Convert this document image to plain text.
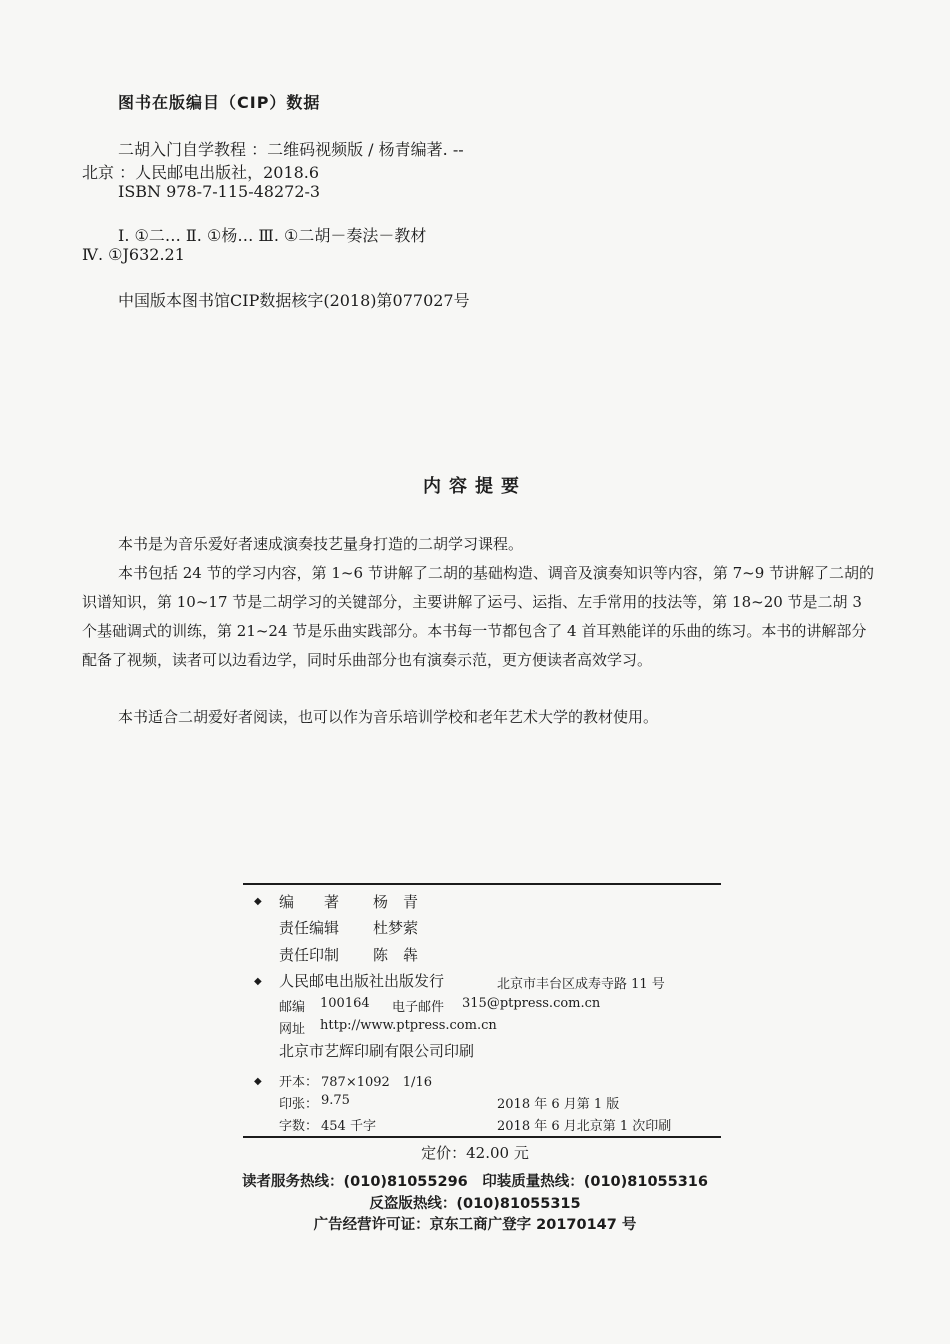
图书在版编目（CIP）数据
二胡入门自学教程 ：二维码视频版 / 杨青编著. --
北京 ：人民邮电出版社，2018.6
ISBN 978-7-115-48272-3
Ⅰ. ①二… Ⅱ. ①杨… Ⅲ. ①二胡－奏法－教材
Ⅳ. ①J632.21
中国版本图书馆CIP数据核字(2018)第077027号
内容提要

本书是为音乐爱好者速成演奏技艺量身打造的二胡学习课程。

本书包括 24 节的学习内容，第 1~6 节讲解了二胡的基础构造、调音及演奏知识等内容，第 7~9 节讲解了二胡的识谱知识，第 10~17 节是二胡学习的关键部分，主要讲解了运弓、运指、左手常用的技法等，第 18~20 节是二胡 3 个基础调式的训练，第 21~24 节是乐曲实践部分。本书每一节都包含了 4 首耳熟能详的乐曲的练习。本书的讲解部分配备了视频，读者可以边看边学，同时乐曲部分也有演奏示范，更方便读者高效学习。

本书适合二胡爱好者阅读，也可以作为音乐培训学校和老年艺术大学的教材使用。

◆ 编　　著 杨　青
责任编辑 杜梦萦
责任印制 陈　犇
◆ 人民邮电出版社出版发行	北京市丰台区成寿寺路 11 号
邮编 100164 电子邮件 315@ptpress.com.cn
网址 http://www.ptpress.com.cn
北京市艺辉印刷有限公司印刷
◆ 开本： 787×1092　1/16
印张： 9.75	2018 年 6 月第 1 版
字数： 454 千字	2018 年 6 月北京第 1 次印刷
定价：42.00 元
读者服务热线：(010)81055296　印装质量热线：(010)81055316
反盗版热线：(010)81055315
广告经营许可证：京东工商广登字 20170147 号
